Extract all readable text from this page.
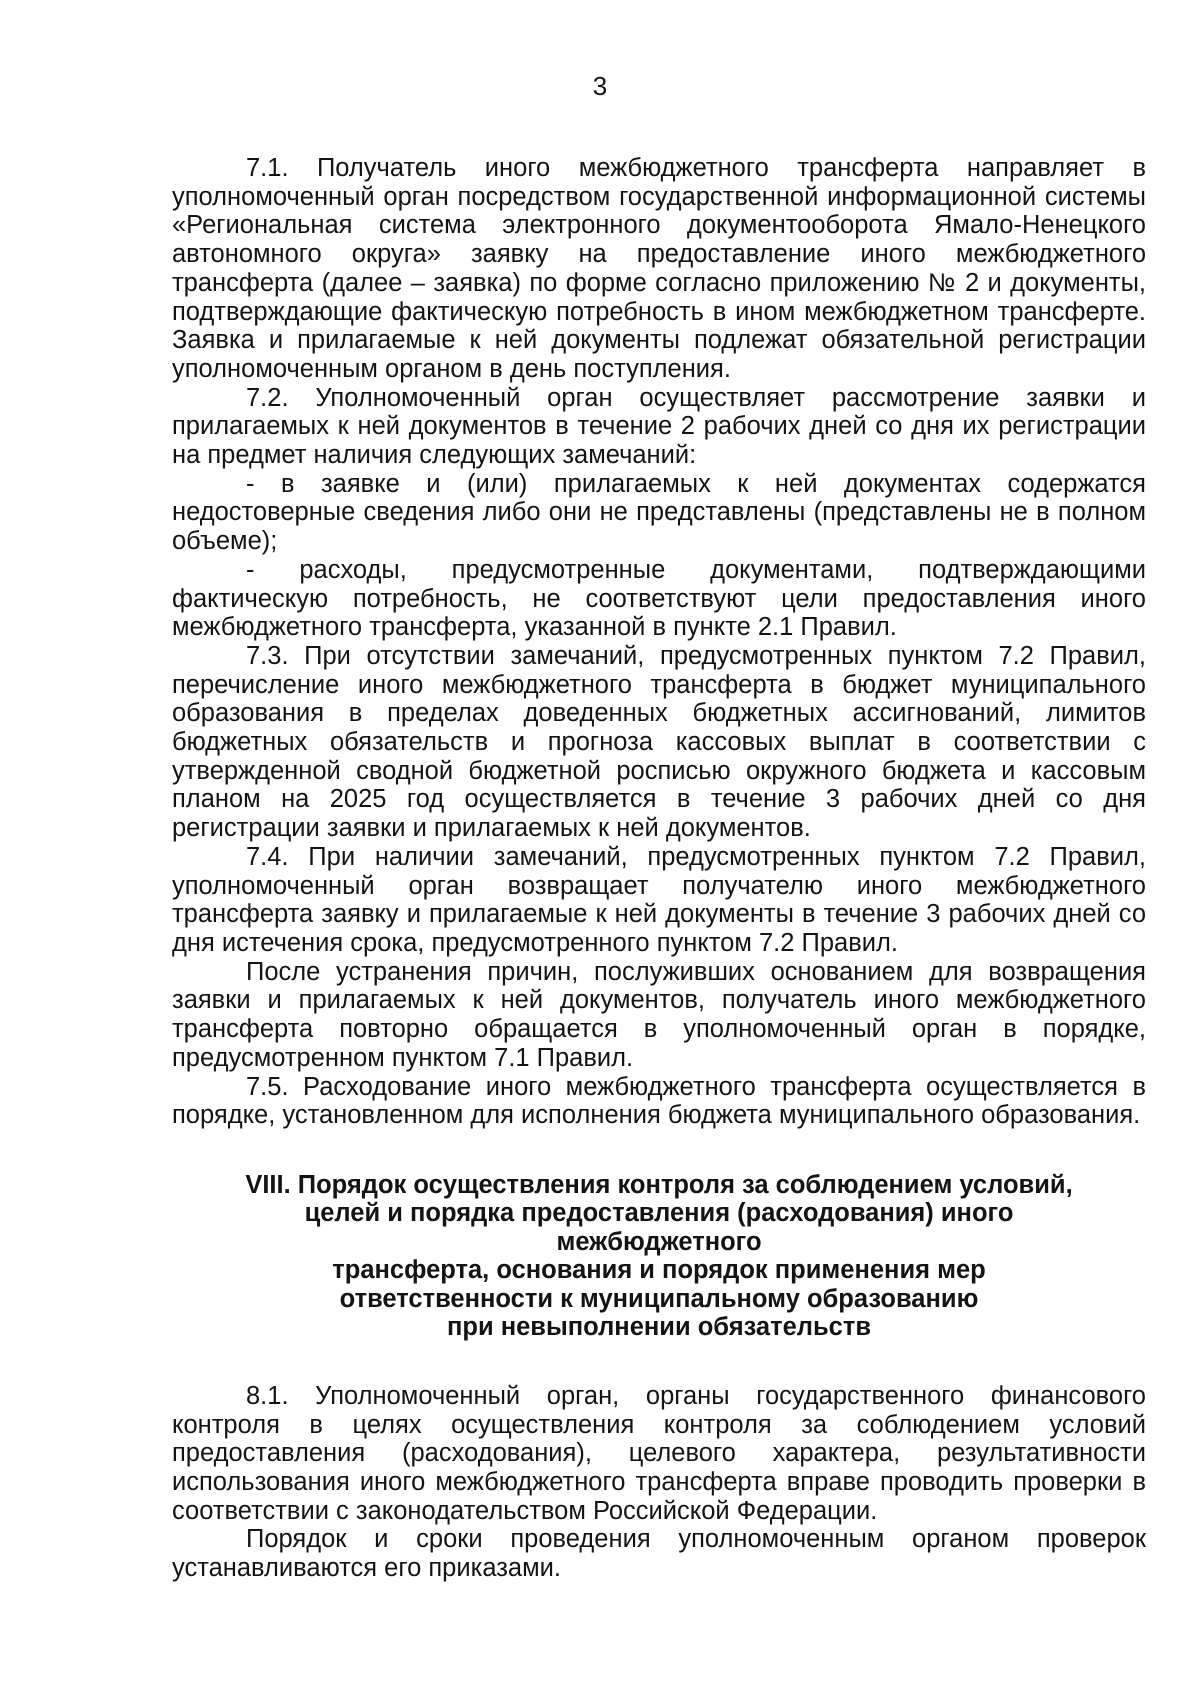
3

7.1. Получатель иного межбюджетного трансферта направляет в уполномоченный орган посредством государственной информационной системы «Региональная система электронного документооборота Ямало-Ненецкого автономного округа» заявку на предоставление иного межбюджетного трансферта (далее – заявка) по форме согласно приложению № 2 и документы, подтверждающие фактическую потребность в ином межбюджетном трансферте. Заявка и прилагаемые к ней документы подлежат обязательной регистрации уполномоченным органом в день поступления.

7.2. Уполномоченный орган осуществляет рассмотрение заявки и прилагаемых к ней документов в течение 2 рабочих дней со дня их регистрации на предмет наличия следующих замечаний:

- в заявке и (или) прилагаемых к ней документах содержатся недостоверные сведения либо они не представлены (представлены не в полном объеме);

- расходы, предусмотренные документами, подтверждающими фактическую потребность, не соответствуют цели предоставления иного межбюджетного трансферта, указанной в пункте 2.1 Правил.

7.3. При отсутствии замечаний, предусмотренных пунктом 7.2 Правил, перечисление иного межбюджетного трансферта в бюджет муниципального образования в пределах доведенных бюджетных ассигнований, лимитов бюджетных обязательств и прогноза кассовых выплат в соответствии с утвержденной сводной бюджетной росписью окружного бюджета и кассовым планом на 2025 год осуществляется в течение 3 рабочих дней со дня регистрации заявки и прилагаемых к ней документов.

7.4. При наличии замечаний, предусмотренных пунктом 7.2 Правил, уполномоченный орган возвращает получателю иного межбюджетного трансферта заявку и прилагаемые к ней документы в течение 3 рабочих дней со дня истечения срока, предусмотренного пунктом 7.2 Правил.

После устранения причин, послуживших основанием для возвращения заявки и прилагаемых к ней документов, получатель иного межбюджетного трансферта повторно обращается в уполномоченный орган в порядке, предусмотренном пунктом 7.1 Правил.

7.5. Расходование иного межбюджетного трансферта осуществляется в порядке, установленном для исполнения бюджета муниципального образования.

VIII. Порядок осуществления контроля за соблюдением условий,
целей и порядка предоставления (расходования) иного межбюджетного
трансферта, основания и порядок применения мер
ответственности к муниципальному образованию
при невыполнении обязательств

8.1. Уполномоченный орган, органы государственного финансового контроля в целях осуществления контроля за соблюдением условий предоставления (расходования), целевого характера, результативности использования иного межбюджетного трансферта вправе проводить проверки в соответствии с законодательством Российской Федерации.

Порядок и сроки проведения уполномоченным органом проверок устанавливаются его приказами.
